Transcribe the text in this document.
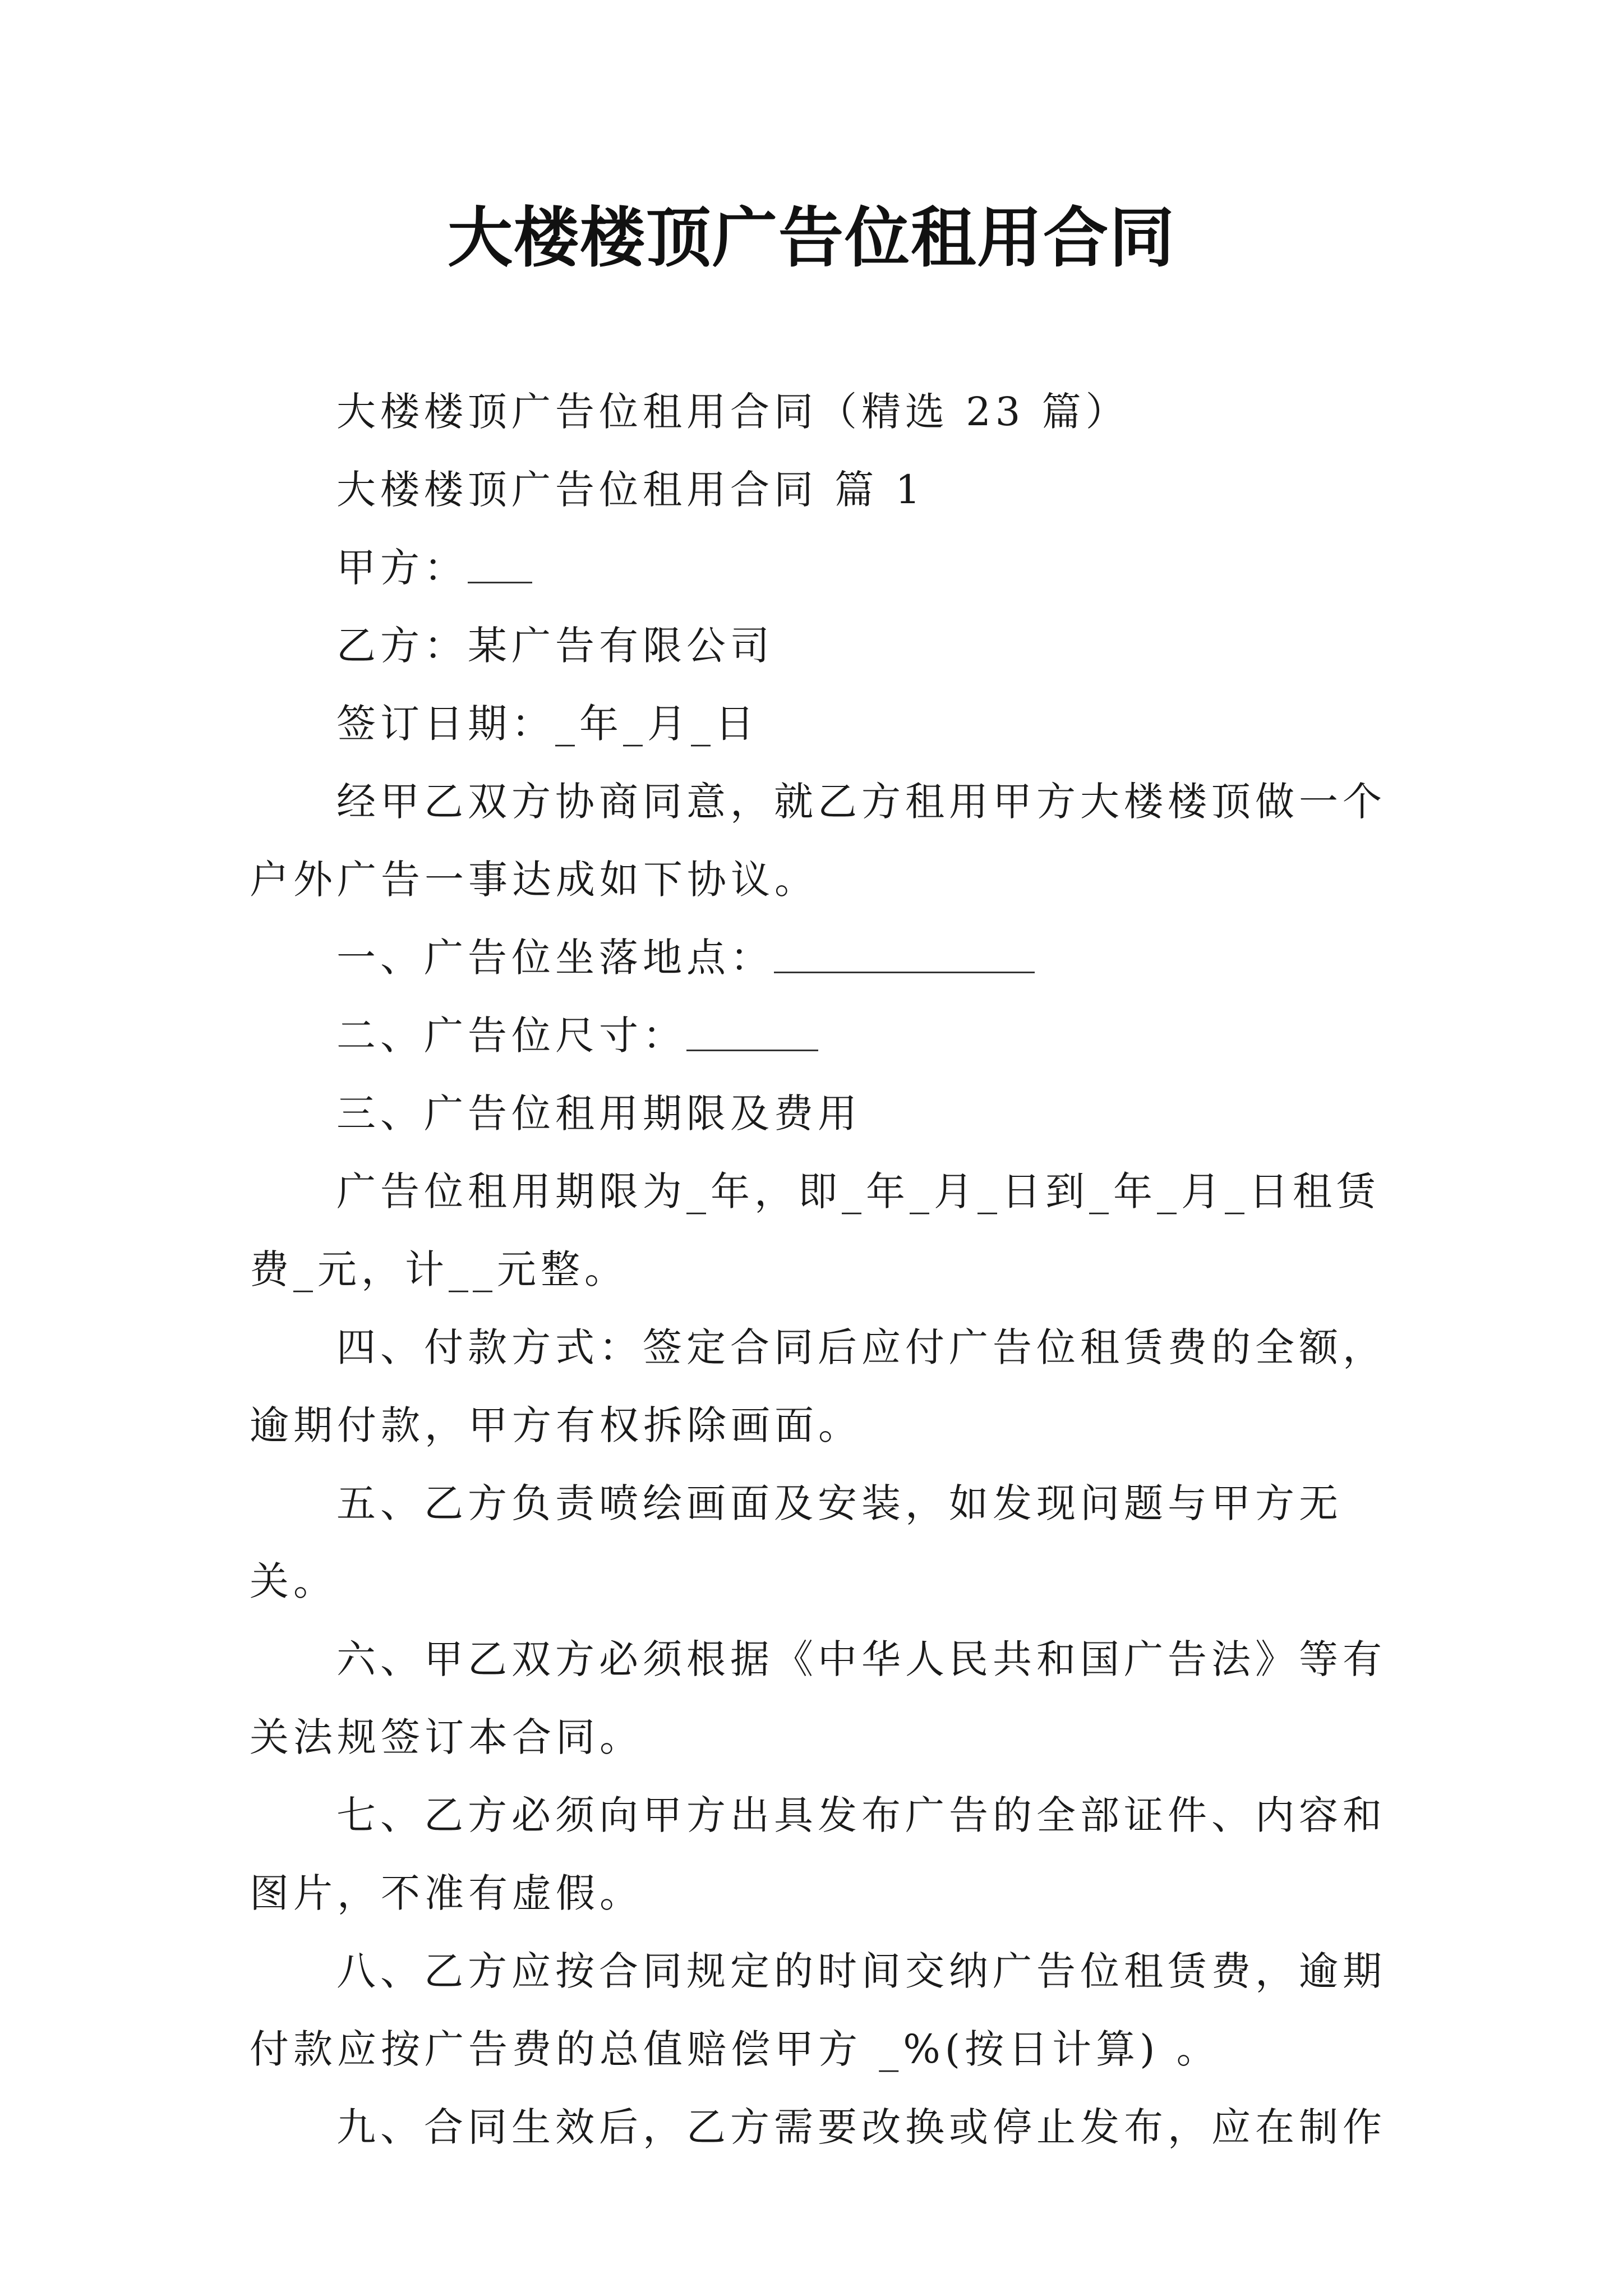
大楼楼顶广告位租用合同

大楼楼顶广告位租用合同（精选 23 篇）

大楼楼顶广告位租用合同 篇 1

甲方：

乙方：某广告有限公司

签订日期：_年_月_日

经甲乙双方协商同意，就乙方租用甲方大楼楼顶做一个户外广告一事达成如下协议。

一、广告位坐落地点：

二、广告位尺寸：

三、广告位租用期限及费用

广告位租用期限为_年，即_年_月_日到_年_月_日租赁费_元，计__元整。

四、付款方式：签定合同后应付广告位租赁费的全额，逾期付款，甲方有权拆除画面。

五、乙方负责喷绘画面及安装，如发现问题与甲方无关。

六、甲乙双方必须根据《中华人民共和国广告法》等有关法规签订本合同。

七、乙方必须向甲方出具发布广告的全部证件、内容和图片，不准有虚假。

八、乙方应按合同规定的时间交纳广告位租赁费，逾期付款应按广告费的总值赔偿甲方 _%(按日计算) 。

九、合同生效后，乙方需要改换或停止发布，应在制作
